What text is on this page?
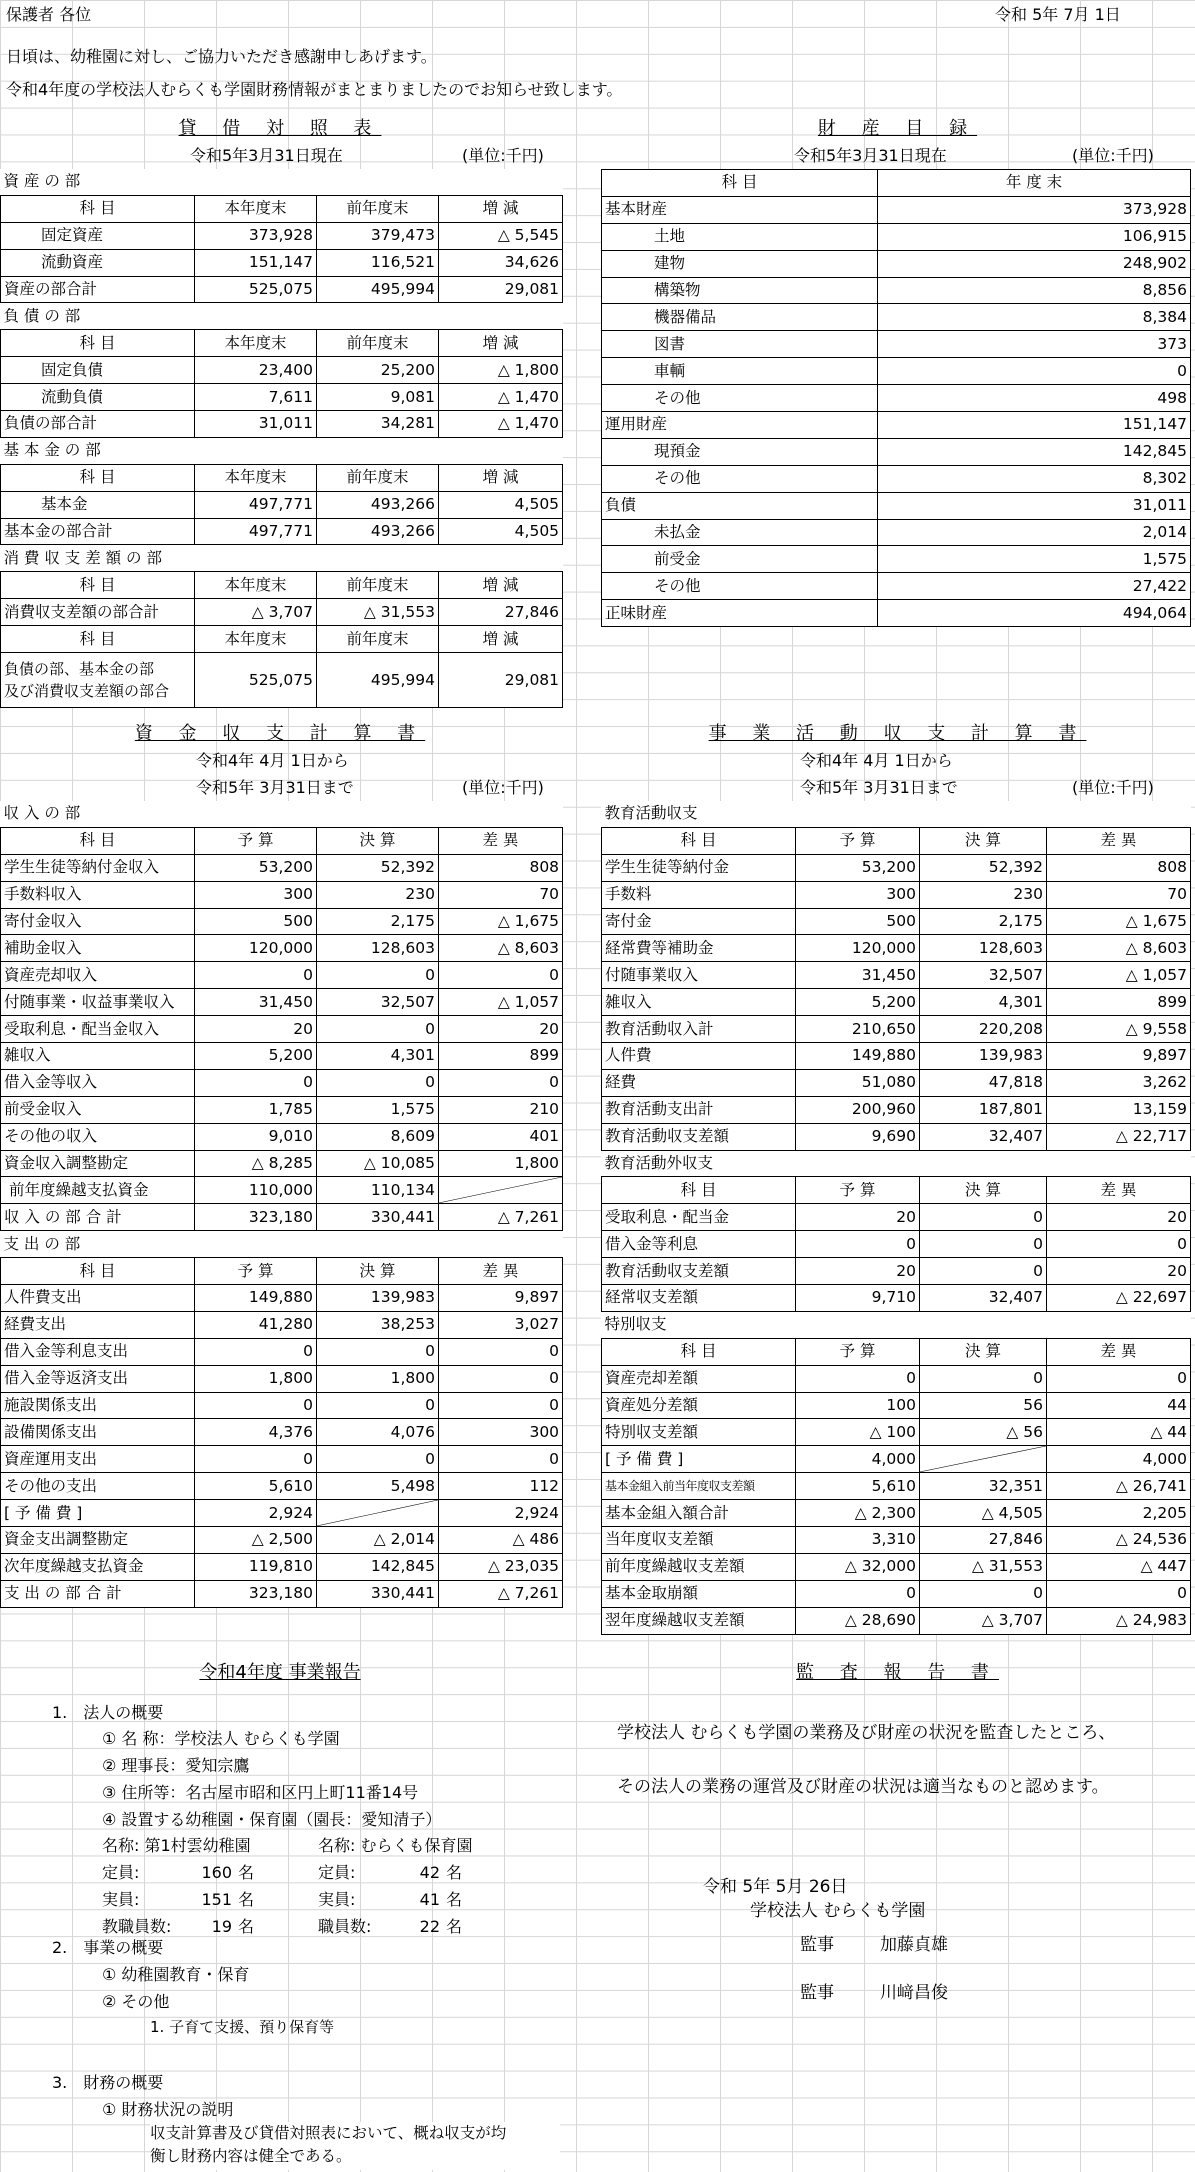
保護者 各位	令和 5年 7月 1日
日頃は、幼稚園に対し、ご協力いただき感謝申しあげます。
令和4年度の学校法人むらくも学園財務情報がまとまりましたのでお知らせ致します。
貸 借 対 照 表
令和5年3月31日現在	(単位:千円)
資 産 の 部			
科 目	本年度末	前年度末	増 減
固定資産	373,928	379,473	△ 5,545
流動資産	151,147	116,521	34,626
資産の部合計	525,075	495,994	29,081
負 債 の 部			
科 目	本年度末	前年度末	増 減
固定負債	23,400	25,200	△ 1,800
流動負債	7,611	9,081	△ 1,470
負債の部合計	31,011	34,281	△ 1,470
基 本 金 の 部			
科 目	本年度末	前年度末	増 減
基本金	497,771	493,266	4,505
基本金の部合計	497,771	493,266	4,505
消 費 収 支 差 額 の 部			
科 目	本年度末	前年度末	増 減
消費収支差額の部合計	△ 3,707	△ 31,553	27,846
科 目	本年度末	前年度末	増 減

負債の部、基本金の部
及び消費収支差額の部合	525,075	495,994	29,081
財 産 目 録
令和5年3月31日現在	(単位:千円)
科 目	年 度 末
基本財産	373,928
土地	106,915
建物	248,902
構築物	8,856
機器備品	8,384
図書	373
車輌	0
その他	498
運用財産	151,147
現預金	142,845
その他	8,302
負債	31,011
未払金	2,014
前受金	1,575
その他	27,422
正味財産	494,064
資 金 収 支 計 算 書
令和4年 4月 1日から
令和5年 3月31日まで	(単位:千円)
収 入 の 部			
科 目	予 算	決 算	差 異
学生生徒等納付金収入	53,200	52,392	808
手数料収入	300	230	70
寄付金収入	500	2,175	△ 1,675
補助金収入	120,000	128,603	△ 8,603
資産売却収入	0	0	0
付随事業・収益事業収入	31,450	32,507	△ 1,057
受取利息・配当金収入	20	0	20
雑収入	5,200	4,301	899
借入金等収入	0	0	0
前受金収入	1,785	1,575	210
その他の収入	9,010	8,609	401
資金収入調整勘定	△ 8,285	△ 10,085	1,800
前年度繰越支払資金	110,000	110,134	

収 入 の 部 合 計	323,180	330,441	△ 7,261
支 出 の 部			
科 目	予 算	決 算	差 異
人件費支出	149,880	139,983	9,897
経費支出	41,280	38,253	3,027
借入金等利息支出	0	0	0
借入金等返済支出	1,800	1,800	0
施設関係支出	0	0	0
設備関係支出	4,376	4,076	300
資産運用支出	0	0	0
その他の支出	5,610	5,498	112
[ 予 備 費 ]	2,924		2,924
資金支出調整勘定	△ 2,500	△ 2,014	△ 486
次年度繰越支払資金	119,810	142,845	△ 23,035
支 出 の 部 合 計	323,180	330,441	△ 7,261
事 業 活 動 収 支 計 算 書
令和4年 4月 1日から
令和5年 3月31日まで	(単位:千円)
教育活動収支			
科 目	予 算	決 算	差 異
学生生徒等納付金	53,200	52,392	808
手数料	300	230	70
寄付金	500	2,175	△ 1,675
経常費等補助金	120,000	128,603	△ 8,603
付随事業収入	31,450	32,507	△ 1,057
雑収入	5,200	4,301	899
教育活動収入計	210,650	220,208	△ 9,558
人件費	149,880	139,983	9,897
経費	51,080	47,818	3,262
教育活動支出計	200,960	187,801	13,159
教育活動収支差額	9,690	32,407	△ 22,717
教育活動外収支			
科 目	予 算	決 算	差 異
受取利息・配当金	20	0	20
借入金等利息	0	0	0
教育活動収支差額	20	0	20
経常収支差額	9,710	32,407	△ 22,697
特別収支			
科 目	予 算	決 算	差 異
資産売却差額	0	0	0
資産処分差額	100	56	44
特別収支差額	△ 100	△ 56	△ 44
[ 予 備 費 ]	4,000		4,000
基本金組入前当年度収支差額	5,610	32,351	△ 26,741
基本金組入額合計	△ 2,300	△ 4,505	2,205
当年度収支差額	3,310	27,846	△ 24,536
前年度繰越収支差額	△ 32,000	△ 31,553	△ 447
基本金取崩額	0	0	0
翌年度繰越収支差額	△ 28,690	△ 3,707	△ 24,983
令和4年度 事業報告
1.　法人の概要
① 名 称：学校法人 むらくも学園
② 理事長：愛知宗鷹
③ 住所等：名古屋市昭和区円上町11番14号
④ 設置する幼稚園・保育園（園長：愛知清子）
名称: 第1村雲幼稚園	名称: むらくも保育園
定員:	160 名	定員:	42 名
実員:	151 名	実員:	41 名
教職員数:	19 名	職員数:	22 名
2.　事業の概要
① 幼稚園教育・保育
② その他
1. 子育て支援、預り保育等
3.　財務の概要
① 財務状況の説明
収支計算書及び貸借対照表において、概ね収支が均
衡し財務内容は健全である。
監 査 報 告 書
学校法人 むらくも学園の業務及び財産の状況を監査したところ、
その法人の業務の運営及び財産の状況は適当なものと認めます。
令和 5年 5月 26日
学校法人 むらくも学園
監事	加藤貞雄
監事	川﨑昌俊
